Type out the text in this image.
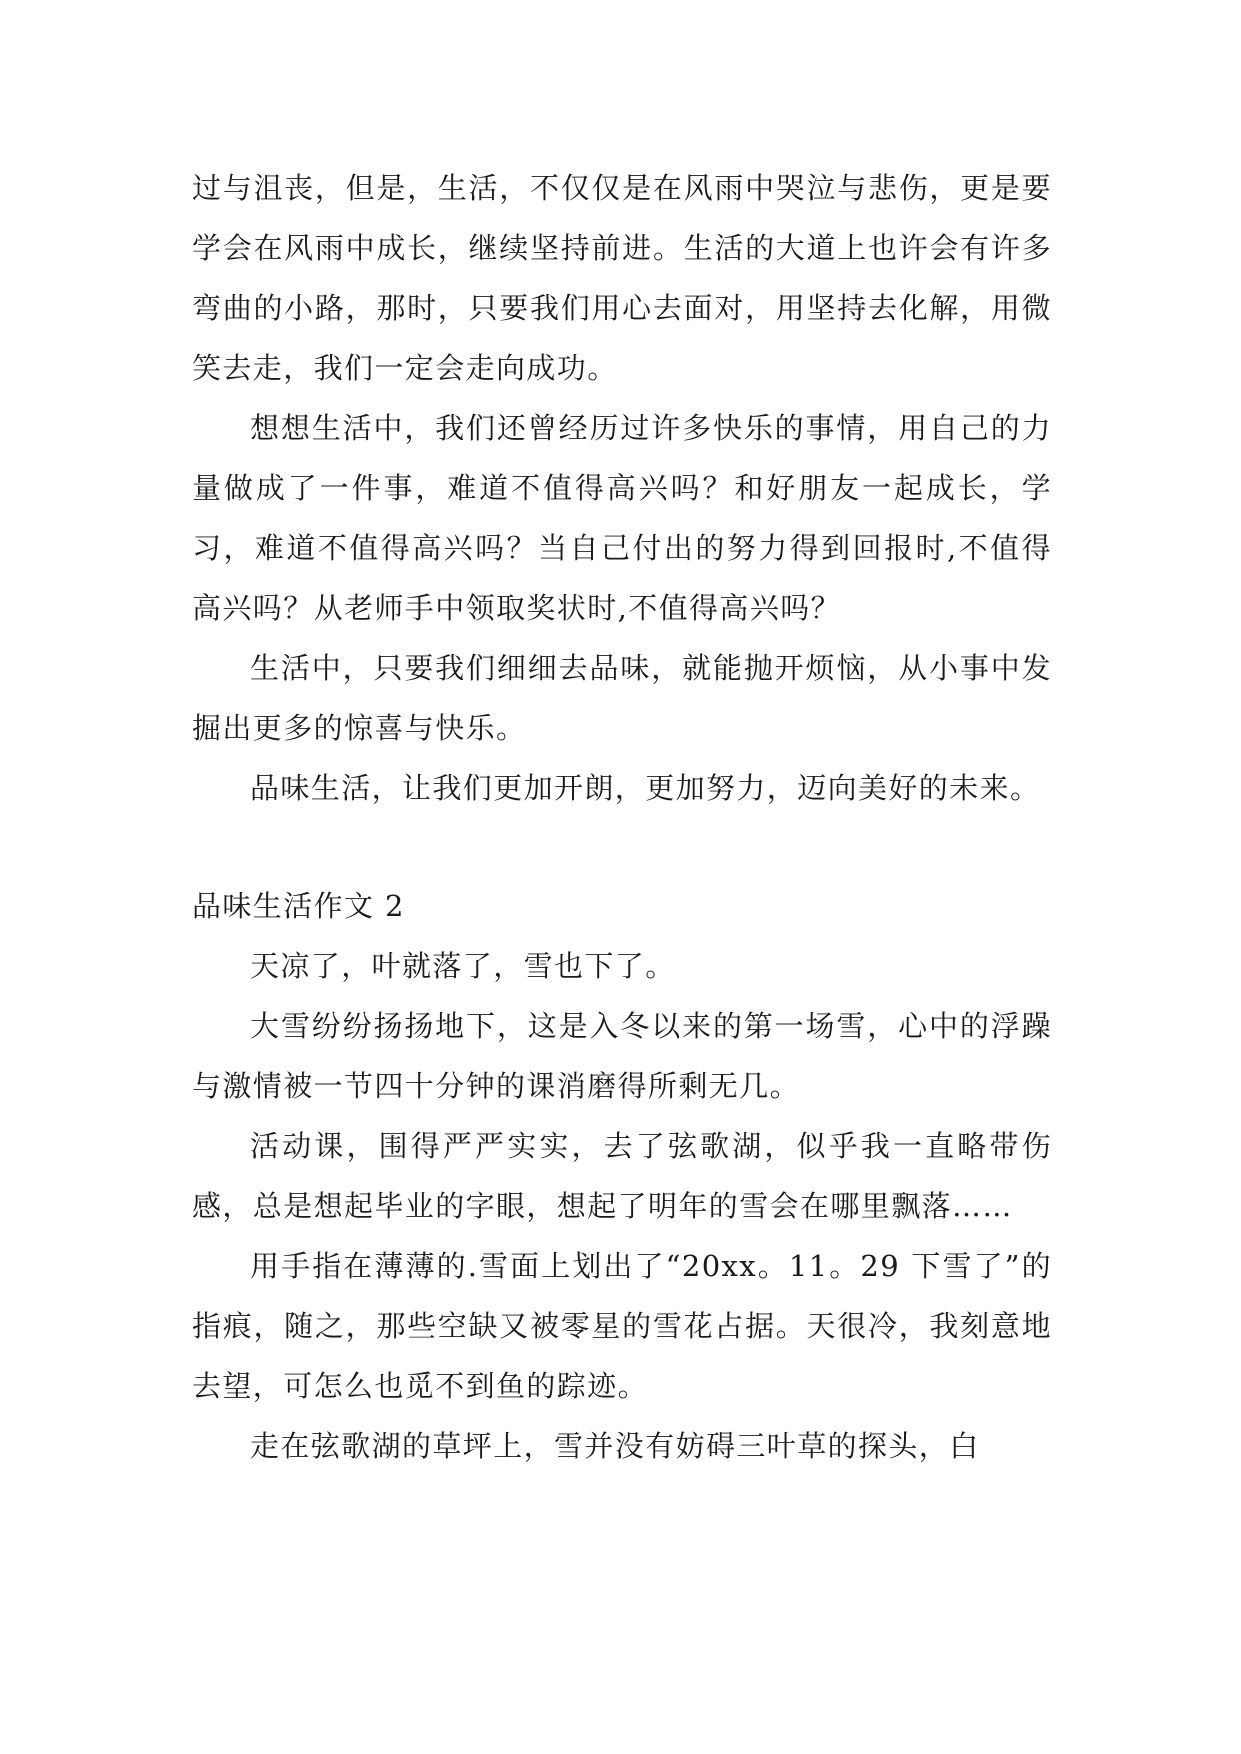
过与沮丧，但是，生活，不仅仅是在风雨中哭泣与悲伤，更是要学会在风雨中成长，继续坚持前进。生活的大道上也许会有许多弯曲的小路，那时，只要我们用心去面对，用坚持去化解，用微笑去走，我们一定会走向成功。

想想生活中，我们还曾经历过许多快乐的事情，用自己的力量做成了一件事，难道不值得高兴吗？和好朋友一起成长，学习，难道不值得高兴吗？当自己付出的努力得到回报时,不值得高兴吗？从老师手中领取奖状时,不值得高兴吗？

生活中，只要我们细细去品味，就能抛开烦恼，从小事中发掘出更多的惊喜与快乐。

品味生活，让我们更加开朗，更加努力，迈向美好的未来。

品味生活作文 2

天凉了，叶就落了，雪也下了。

大雪纷纷扬扬地下，这是入冬以来的第一场雪，心中的浮躁与激情被一节四十分钟的课消磨得所剩无几。

活动课，围得严严实实，去了弦歌湖，似乎我一直略带伤感，总是想起毕业的字眼，想起了明年的雪会在哪里飘落……

用手指在薄薄的.雪面上划出了“20xx。11。29 下雪了”的指痕，随之，那些空缺又被零星的雪花占据。天很冷，我刻意地去望，可怎么也觅不到鱼的踪迹。

走在弦歌湖的草坪上，雪并没有妨碍三叶草的探头，白
